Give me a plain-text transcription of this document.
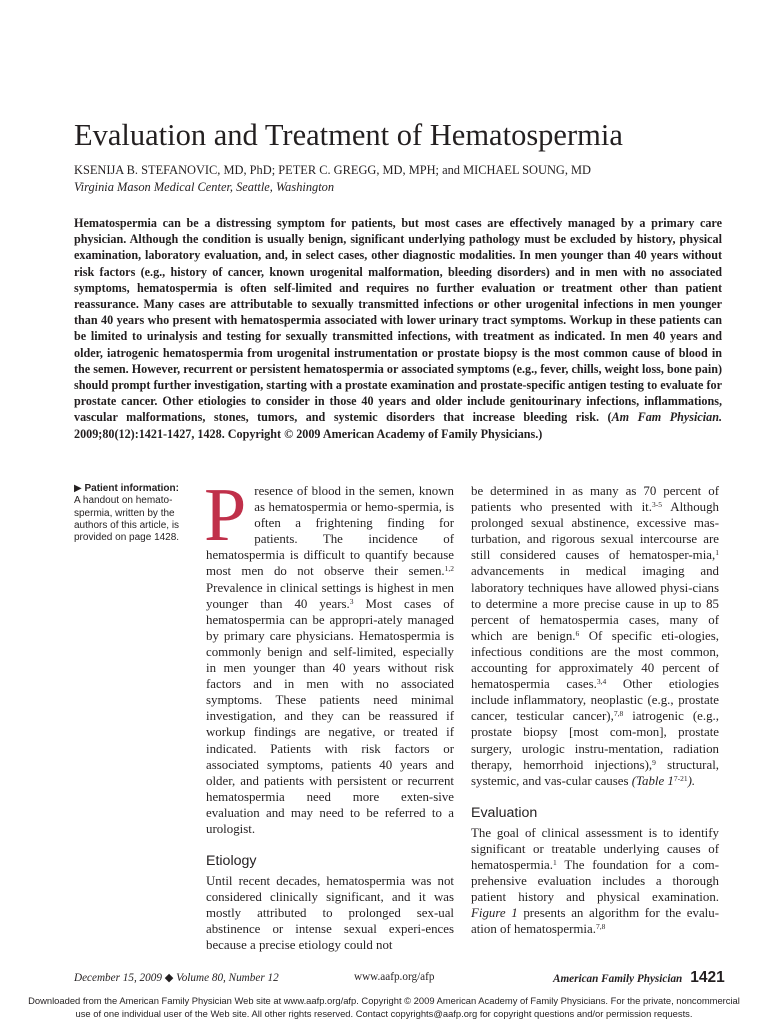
Evaluation and Treatment of Hematospermia
KSENIJA B. STEFANOVIC, MD, PhD; PETER C. GREGG, MD, MPH; and MICHAEL SOUNG, MD
Virginia Mason Medical Center, Seattle, Washington

Hematospermia can be a distressing symptom for patients, but most cases are effectively managed by a primary care physician. Although the condition is usually benign, significant underlying pathology must be excluded by history, physical examination, laboratory evaluation, and, in select cases, other diagnostic modalities. In men younger than 40 years without risk factors (e.g., history of cancer, known urogenital malformation, bleeding disorders) and in men with no associated symptoms, hematospermia is often self-limited and requires no further evaluation or treatment other than patient reassurance. Many cases are attributable to sexually transmitted infections or other urogenital infections in men younger than 40 years who present with hematospermia associated with lower urinary tract symptoms. Workup in these patients can be limited to urinalysis and testing for sexually transmitted infections, with treatment as indicated. In men 40 years and older, iatrogenic hematospermia from urogenital instrumentation or prostate biopsy is the most common cause of blood in the semen. However, recurrent or persistent hematospermia or associated symptoms (e.g., fever, chills, weight loss, bone pain) should prompt further investigation, starting with a prostate examination and prostate-specific antigen testing to evaluate for prostate cancer. Other etiologies to consider in those 40 years and older include genitourinary infections, inflammations, vascular malformations, stones, tumors, and systemic disorders that increase bleeding risk. (Am Fam Physician. 2009;80(12):1421-1427, 1428. Copyright © 2009 American Academy of Family Physicians.)

▶ Patient information:
A handout on hemato-spermia, written by the authors of this article, is provided on page 1428. Presence of blood in the semen, known as hematospermia or hemo-spermia, is often a frightening finding for patients. The incidence of hematospermia is difficult to quantify because most men do not observe their semen.$^{1,2}$ Prevalence in clinical settings is highest in men younger than 40 years.$^3$ Most cases of hematospermia can be appropri-ately managed by primary care physicians. Hematospermia is commonly benign and self-limited, especially in men younger than 40 years without risk factors and in men with no associated symptoms. These patients need minimal investigation, and they can be reassured if workup findings are negative, or treated if indicated. Patients with risk factors or associated symptoms, patients 40 years and older, and patients with persistent or recurrent hematospermia need more exten-sive evaluation and may need to be referred to a urologist.

Etiology

Until recent decades, hematospermia was not considered clinically significant, and it was mostly attributed to prolonged sex-ual abstinence or intense sexual experi-ences because a precise etiology could not

be determined in as many as 70 percent of patients who presented with it.$^{3-5}$ Although prolonged sexual abstinence, excessive mas-turbation, and rigorous sexual intercourse are still considered causes of hematosper-mia,$^1$ advancements in medical imaging and laboratory techniques have allowed physi-cians to determine a more precise cause in up to 85 percent of hematospermia cases, many of which are benign.$^6$ Of specific eti-ologies, infectious conditions are the most common, accounting for approximately 40 percent of hematospermia cases.$^{3,4}$ Other etiologies include inflammatory, neoplastic (e.g., prostate cancer, testicular cancer),$^{7,8}$ iatrogenic (e.g., prostate biopsy [most com-mon], prostate surgery, urologic instru-mentation, radiation therapy, hemorrhoid injections),$^9$ structural, systemic, and vas-cular causes (Table 1$^{7-21}$).

Evaluation

The goal of clinical assessment is to identify significant or treatable underlying causes of hematospermia.$^1$ The foundation for a com-prehensive evaluation includes a thorough patient history and physical examination. Figure 1 presents an algorithm for the evalu-ation of hematospermia.$^{7,8}$

December 15, 2009 ◆ Volume 80, Number 12	www.aafp.org/afp	American Family Physician 1421
Downloaded from the American Family Physician Web site at www.aafp.org/afp. Copyright © 2009 American Academy of Family Physicians. For the private, noncommercial
use of one individual user of the Web site. All other rights reserved. Contact copyrights@aafp.org for copyright questions and/or permission requests.
